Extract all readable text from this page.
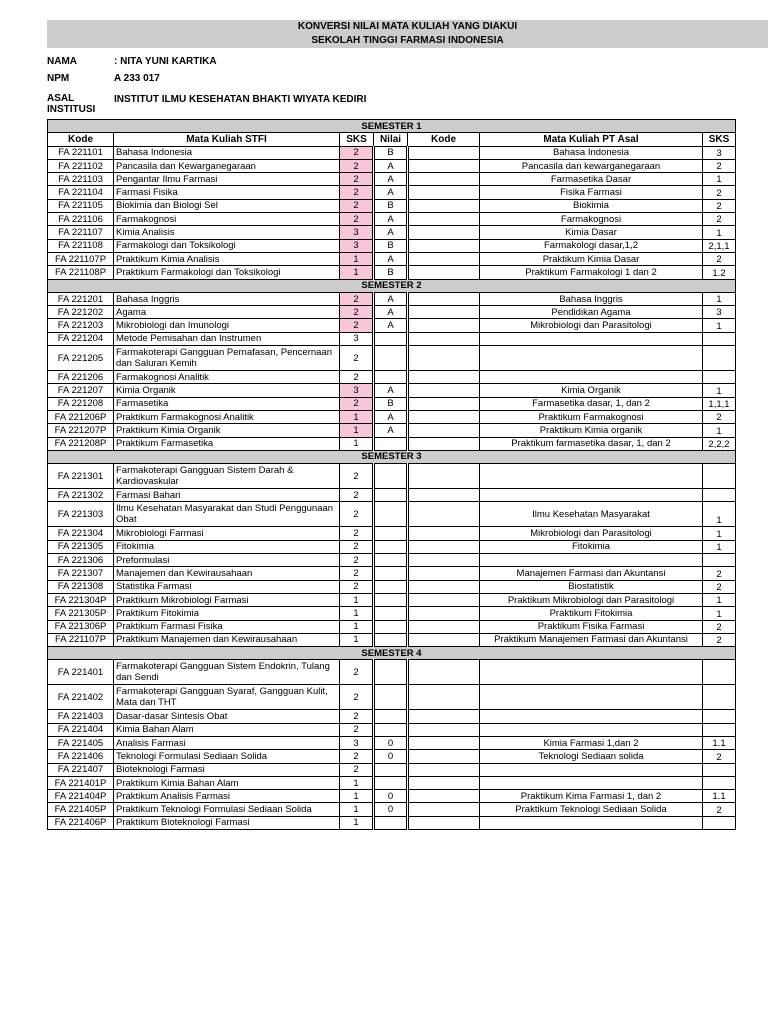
KONVERSI NILAI MATA KULIAH YANG DIAKUI
SEKOLAH TINGGI FARMASI INDONESIA
NAMA	: NITA YUNI KARTIKA
NPM	A 233 017
ASAL
INSTITUSI
INSTITUT ILMU KESEHATAN BHAKTI WIYATA KEDIRI
SEMESTER 1						
Kode	Mata Kuliah STFI	SKS	Nilai	Kode	Mata Kuliah PT Asal	SKS
FA 221101	Bahasa Indonesia	2	B		Bahasa Indonesia	3
FA 221102	Pancasila dan Kewarganegaraan	2	A		Pancasila dan kewarganegaraan	2
FA 221103	Pengantar Ilmu Farmasi	2	A		Farmasetika Dasar	1
FA 221104	Farmasi Fisika	2	A		Fisika Farmasi	2
FA 221105	Biokimia dan Biologi Sel	2	B		Biokimia	2
FA 221106	Farmakognosi	2	A		Farmakognosi	2
FA 221107	Kimia Analisis	3	A		Kimia Dasar	1
FA 221108	Farmakologi dan Toksikologi	3	B		Farmakologi dasar,1,2	2,1,1
FA 221107P	Praktikum Kimia Analisis	1	A		Praktikum Kimia Dasar	2
FA 221108P	Praktikum Farmakologi dan Toksikologi	1	B		Praktikum Farmakologi 1 dan 2	1.2
SEMESTER 2						
FA 221201	Bahasa Inggris	2	A		Bahasa Inggris	1
FA 221202	Agama	2	A		Pendidikan Agama	3
FA 221203	Mikrobiologi dan Imunologi	2	A		Mikrobiologi dan Parasitologi	1
FA 221204	Metode Pemisahan dan Instrumen	3				
FA 221205	Farmakoterapi Gangguan Pernafasan, Pencernaan dan Saluran Kemih	2				
FA 221206	Farmakognosi Analitik	2				
FA 221207	Kimia Organik	3	A		Kimia Organik	1
FA 221208	Farmasetika	2	B		Farmasetika dasar, 1, dan 2	1,1,1
FA 221206P	Praktikum Farmakognosi Analitik	1	A		Praktikum Farmakognosi	2
FA 221207P	Praktikum Kimia Organik	1	A		Praktikum Kimia organik	1
FA 221208P	Praktikum Farmasetika	1			Praktikum farmasetika dasar, 1, dan 2	2,2,2
SEMESTER 3						
FA 221301	Farmakoterapi Gangguan Sistem Darah & Kardiovaskular	2				
FA 221302	Farmasi Bahari	2				
FA 221303	Ilmu Kesehatan Masyarakat dan Studi Penggunaan Obat	2			Ilmu Kesehatan Masyarakat	1
FA 221304	Mikrobiologi Farmasi	2			Mikrobiologi dan Parasitologi	1
FA 221305	Fitokimia	2			Fitokimia	1
FA 221306	Preformulasi	2				
FA 221307	Manajemen dan Kewirausahaan	2			Manajemen Farmasi dan Akuntansi	2
FA 221308	Statistika Farmasi	2			Biostatistik	2
FA 221304P	Praktikum Mikrobiologi Farmasi	1			Praktikum Mikrobiologi dan Parasitologi	1
FA 221305P	Praktikum Fitokimia	1			Praktikum Fitokimia	1
FA 221306P	Praktikum Farmasi Fisika	1			Praktikum Fisika Farmasi	2
FA 221107P	Praktikum Manajemen dan Kewirausahaan	1			Praktikum Manajemen Farmasi dan Akuntansi	2
SEMESTER 4						
FA 221401	Farmakoterapi Gangguan Sistem Endokrin, Tulang dan Sendi	2				
FA 221402	Farmakoterapi Gangguan Syaraf, Gangguan Kulit, Mata dan THT	2				
FA 221403	Dasar-dasar Sintesis Obat	2				
FA 221404	Kimia Bahan Alam	2				
FA 221405	Analisis Farmasi	3	0		Kimia Farmasi 1,dan 2	1.1
FA 221406	Teknologi Formulasi Sediaan Solida	2	0		Teknologi Sediaan solida	2
FA 221407	Bioteknologi Farmasi	2				
FA 221401P	Praktikum Kimia Bahan Alam	1				
FA 221404P	Praktikum Analisis Farmasi	1	0		Praktikum Kima Farmasi 1, dan 2	1.1
FA 221405P	Praktikum Teknologi Formulasi Sediaan Solida	1	0		Praktikum Teknologi Sediaan Solida	2
FA 221406P	Praktikum Bioteknologi Farmasi	1				
